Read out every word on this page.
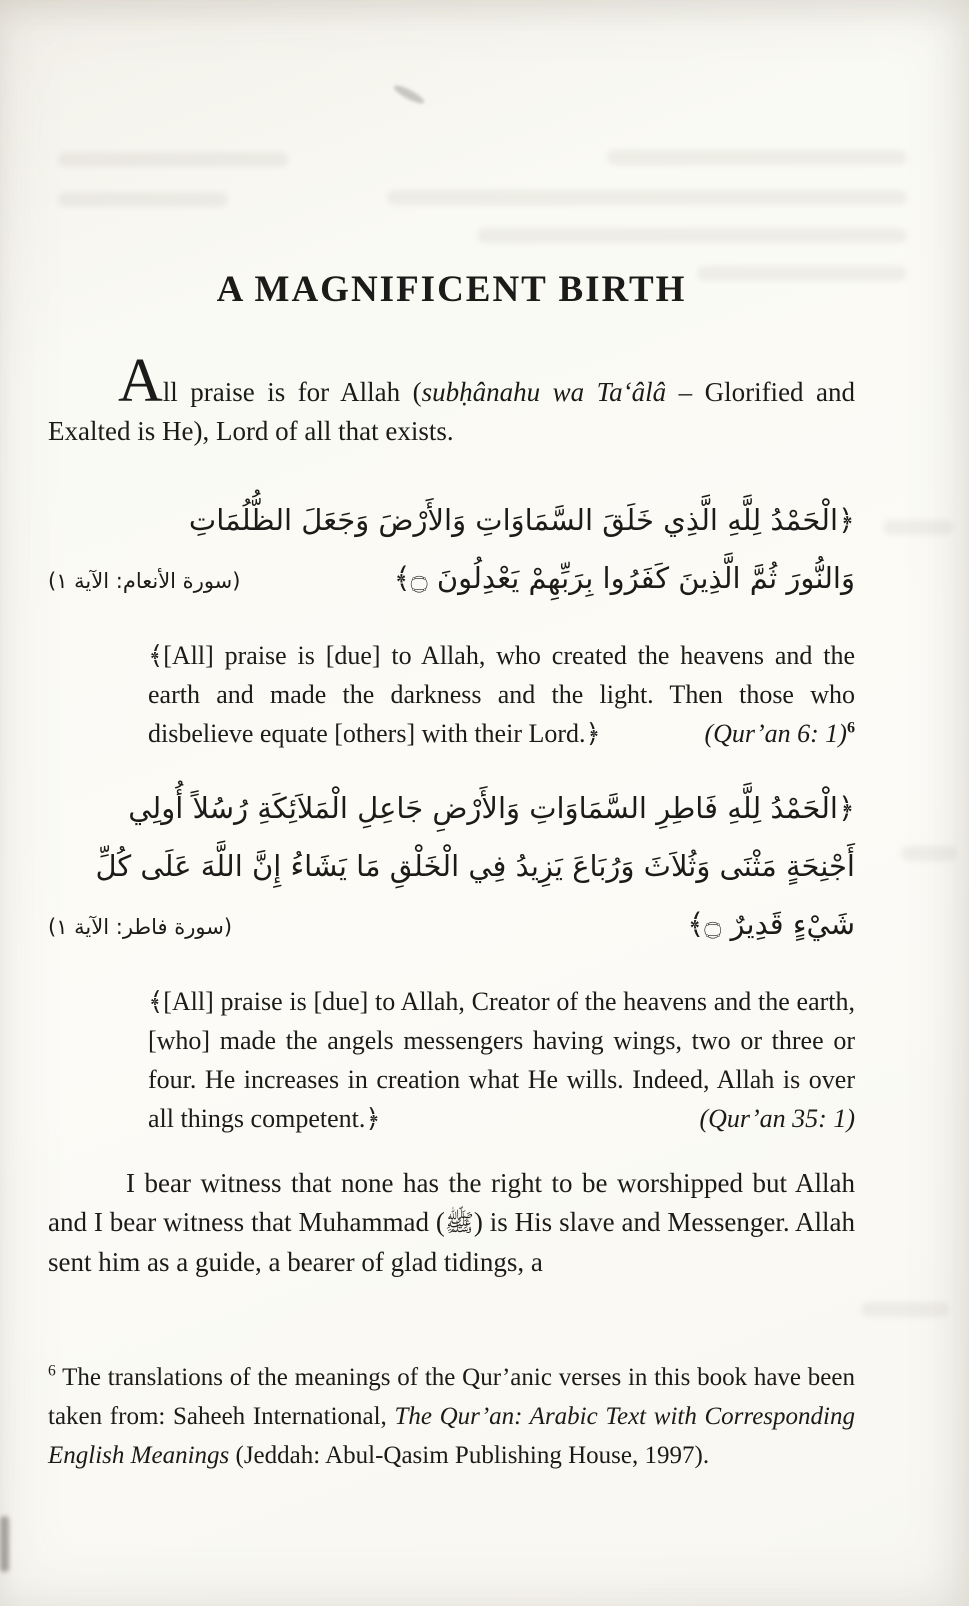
A MAGNIFICENT BIRTH

All praise is for Allah (subḥânahu wa Ta‘âlâ – Glorified and Exalted is He), Lord of all that exists.

﴿الْحَمْدُ لِلَّهِ الَّذِي خَلَقَ السَّمَاوَاتِ وَالأَرْضَ وَجَعَلَ الظُّلُمَاتِ
(سورة الأنعام: الآية ١)	وَالنُّورَ ثُمَّ الَّذِينَ كَفَرُوا بِرَبِّهِمْ يَعْدِلُونَ ۝﴾

﴾[All] praise is [due] to Allah, who created the heavens and the earth and made the darkness and the light. Then those who disbelieve equate [others] with their Lord.﴿	(Qur’an 6: 1)$^6$
﴿الْحَمْدُ لِلَّهِ فَاطِرِ السَّمَاوَاتِ وَالأَرْضِ جَاعِلِ الْمَلاَئِكَةِ رُسُلاً أُولِي
أَجْنِحَةٍ مَثْنَى وَثُلاَثَ وَرُبَاعَ يَزِيدُ فِي الْخَلْقِ مَا يَشَاءُ إِنَّ اللَّهَ عَلَى كُلِّ
(سورة فاطر: الآية ١)	شَيْءٍ قَدِيرٌ ۝﴾

﴾[All] praise is [due] to Allah, Creator of the heavens and the earth, [who] made the angels messengers having wings, two or three or four. He increases in creation what He wills. Indeed, Allah is over all things competent.﴿	(Qur’an 35: 1)

I bear witness that none has the right to be worshipped but Allah and I bear witness that Muhammad (ﷺ) is His slave and Messenger. Allah sent him as a guide, a bearer of glad tidings, a

$^6$ The translations of the meanings of the Qur’anic verses in this book have been taken from: Saheeh International, The Qur’an: Arabic Text with Corresponding English Meanings (Jeddah: Abul-Qasim Publishing House, 1997).
